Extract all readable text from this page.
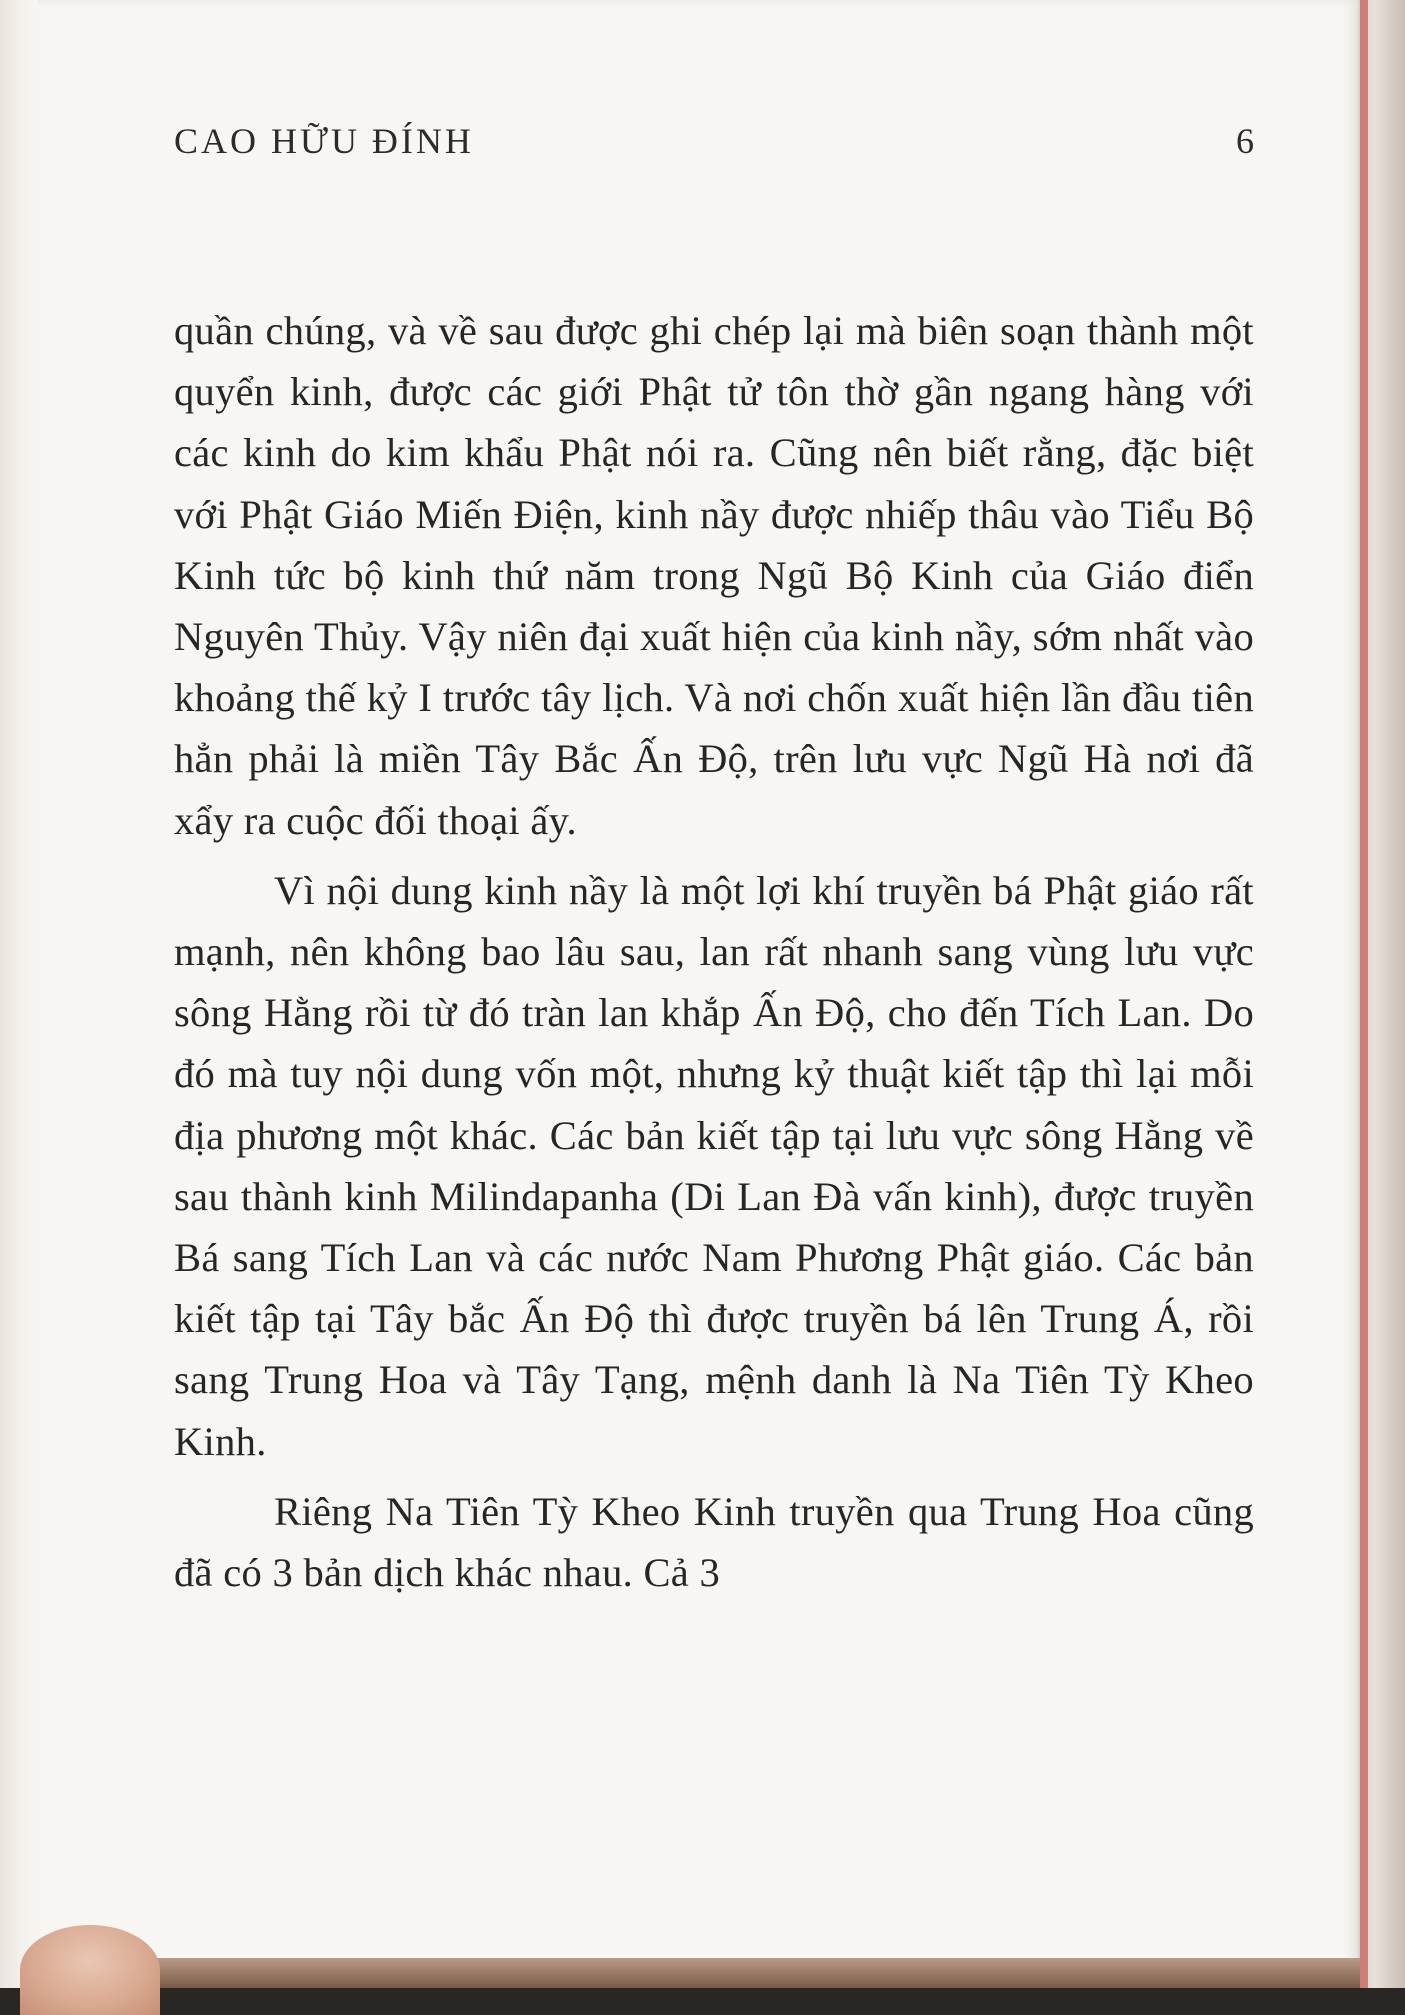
CAO HỮU ĐÍNH	6

quần chúng, và về sau được ghi chép lại mà biên soạn thành một quyển kinh, được các giới Phật tử tôn thờ gần ngang hàng với các kinh do kim khẩu Phật nói ra. Cũng nên biết rằng, đặc biệt với Phật Giáo Miến Điện, kinh nầy được nhiếp thâu vào Tiểu Bộ Kinh tức bộ kinh thứ năm trong Ngũ Bộ Kinh của Giáo điển Nguyên Thủy. Vậy niên đại xuất hiện của kinh nầy, sớm nhất vào khoảng thế kỷ I trước tây lịch. Và nơi chốn xuất hiện lần đầu tiên hẳn phải là miền Tây Bắc Ấn Độ, trên lưu vực Ngũ Hà nơi đã xẩy ra cuộc đối thoại ấy.

Vì nội dung kinh nầy là một lợi khí truyền bá Phật giáo rất mạnh, nên không bao lâu sau, lan rất nhanh sang vùng lưu vực sông Hằng rồi từ đó tràn lan khắp Ấn Độ, cho đến Tích Lan. Do đó mà tuy nội dung vốn một, nhưng kỷ thuật kiết tập thì lại mỗi địa phương một khác. Các bản kiết tập tại lưu vực sông Hằng về sau thành kinh Milindapanha (Di Lan Đà vấn kinh), được truyền Bá sang Tích Lan và các nước Nam Phương Phật giáo. Các bản kiết tập tại Tây bắc Ấn Độ thì được truyền bá lên Trung Á, rồi sang Trung Hoa và Tây Tạng, mệnh danh là Na Tiên Tỳ Kheo Kinh.

Riêng Na Tiên Tỳ Kheo Kinh truyền qua Trung Hoa cũng đã có 3 bản dịch khác nhau. Cả 3
